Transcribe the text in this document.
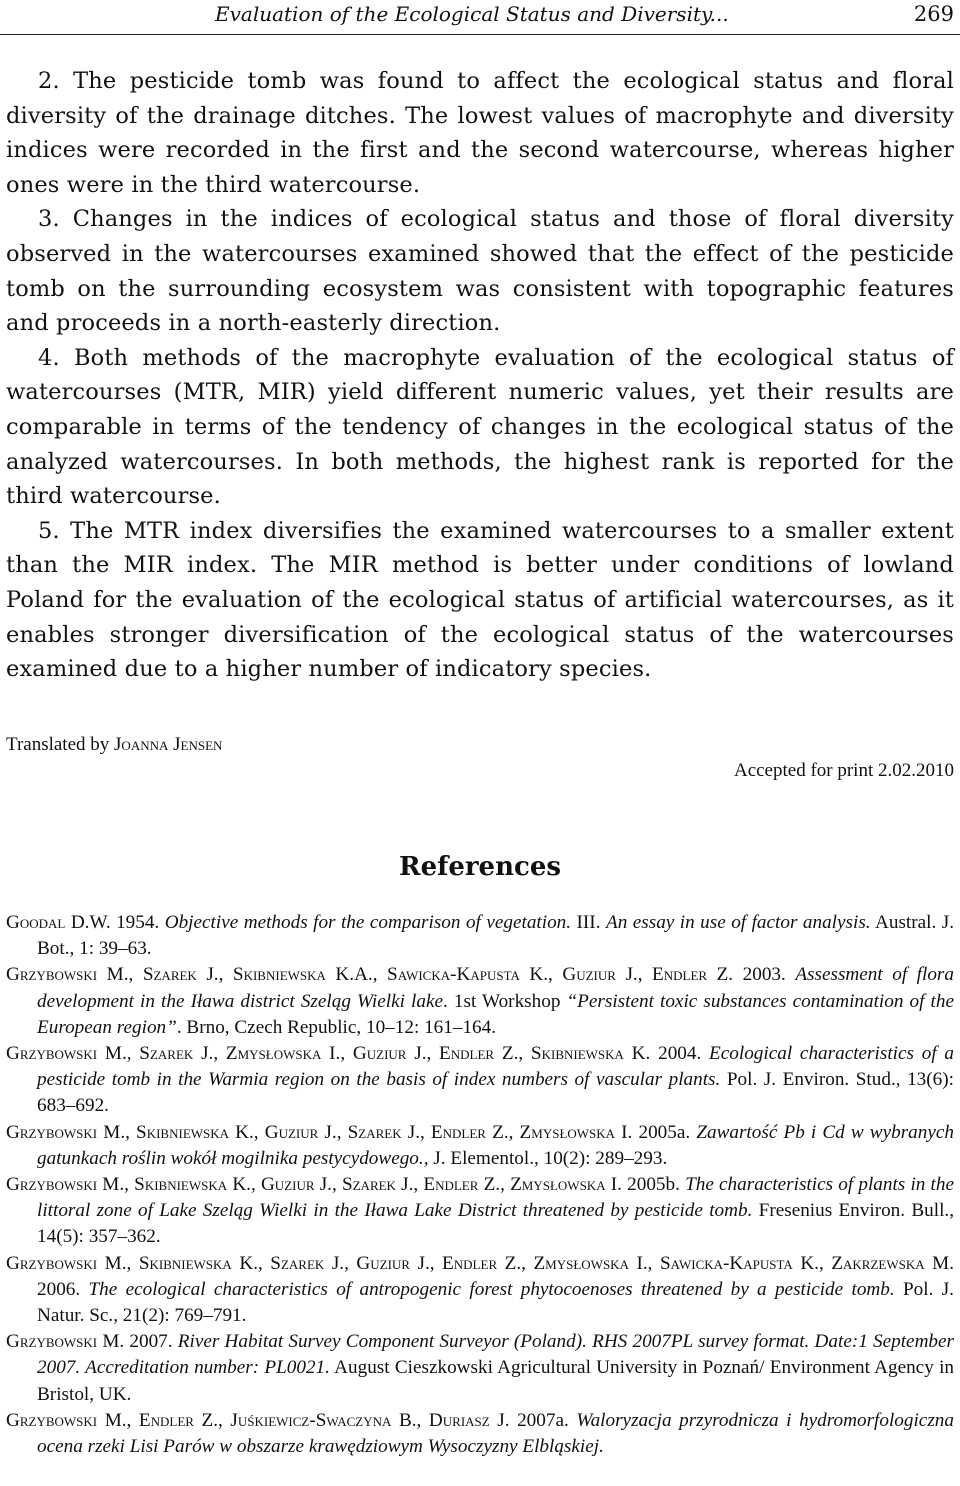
Evaluation of the Ecological Status and Diversity...	269

2. The pesticide tomb was found to affect the ecological status and floral diversity of the drainage ditches. The lowest values of macrophyte and diversity indices were recorded in the first and the second watercourse, whereas higher ones were in the third watercourse.

3. Changes in the indices of ecological status and those of floral diversity observed in the watercourses examined showed that the effect of the pesticide tomb on the surrounding ecosystem was consistent with topographic features and proceeds in a north-easterly direction.

4. Both methods of the macrophyte evaluation of the ecological status of watercourses (MTR, MIR) yield different numeric values, yet their results are comparable in terms of the tendency of changes in the ecological status of the analyzed watercourses. In both methods, the highest rank is reported for the third watercourse.

5. The MTR index diversifies the examined watercourses to a smaller extent than the MIR index. The MIR method is better under conditions of lowland Poland for the evaluation of the ecological status of artificial watercourses, as it enables stronger diversification of the ecological status of the watercourses examined due to a higher number of indicatory species.

Translated by Joanna Jensen
Accepted for print 2.02.2010
References

Goodal D.W. 1954. Objective methods for the comparison of vegetation. III. An essay in use of factor analysis. Austral. J. Bot., 1: 39–63.

Grzybowski M., Szarek J., Skibniewska K.A., Sawicka-Kapusta K., Guziur J., Endler Z. 2003. Assessment of flora development in the Iława district Szeląg Wielki lake. 1st Workshop “Persistent toxic substances contamination of the European region”. Brno, Czech Republic, 10–12: 161–164.

Grzybowski M., Szarek J., Zmysłowska I., Guziur J., Endler Z., Skibniewska K. 2004. Ecological characteristics of a pesticide tomb in the Warmia region on the basis of index numbers of vascular plants. Pol. J. Environ. Stud., 13(6): 683–692.

Grzybowski M., Skibniewska K., Guziur J., Szarek J., Endler Z., Zmysłowska I. 2005a. Zawartość Pb i Cd w wybranych gatunkach roślin wokół mogilnika pestycydowego., J. Elementol., 10(2): 289–293.

Grzybowski M., Skibniewska K., Guziur J., Szarek J., Endler Z., Zmysłowska I. 2005b. The characteristics of plants in the littoral zone of Lake Szeląg Wielki in the Iława Lake District threatened by pesticide tomb. Fresenius Environ. Bull., 14(5): 357–362.

Grzybowski M., Skibniewska K., Szarek J., Guziur J., Endler Z., Zmysłowska I., Sawicka-Kapusta K., Zakrzewska M. 2006. The ecological characteristics of antropogenic forest phytocoenoses threatened by a pesticide tomb. Pol. J. Natur. Sc., 21(2): 769–791.

Grzybowski M. 2007. River Habitat Survey Component Surveyor (Poland). RHS 2007PL survey format. Date:1 September 2007. Accreditation number: PL0021. August Cieszkowski Agricultural University in Poznań/ Environment Agency in Bristol, UK.

Grzybowski M., Endler Z., Juśkiewicz-Swaczyna B., Duriasz J. 2007a. Waloryzacja przyrodnicza i hydromorfologiczna ocena rzeki Lisi Parów w obszarze krawędziowym Wysoczyzny Elbląskiej.
